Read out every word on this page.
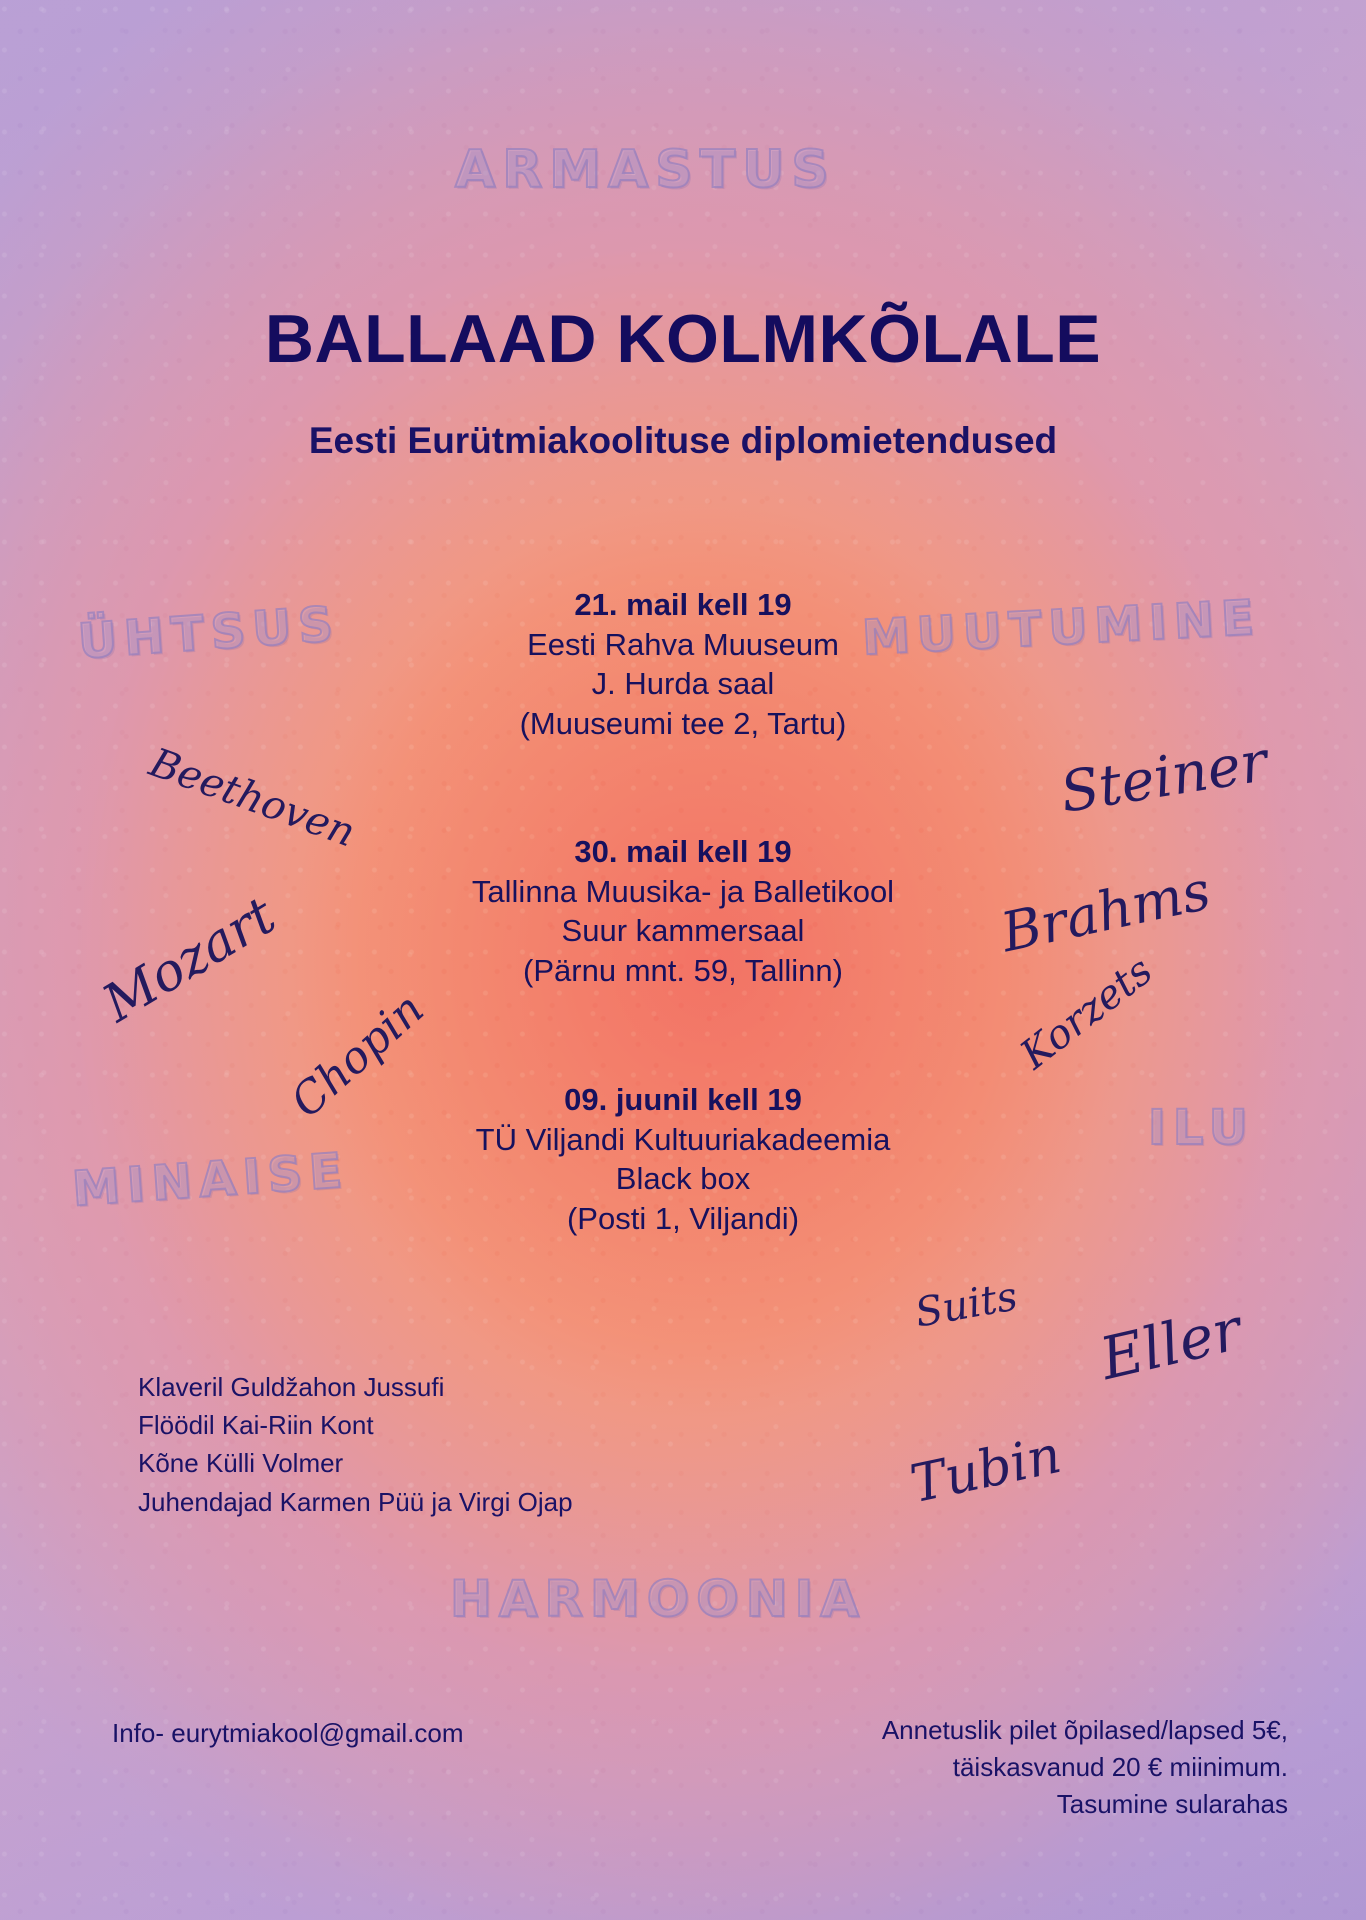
ARMASTUS
ÜHTSUS	MUUTUMINE
MINAISE
ILU
HARMOONIA
Beethoven
Mozart
Chopin
Steiner
Brahms
Korzets
Suits Eller
Tubin
BALLAAD KOLMKÕLALE
Eesti Eurütmiakoolituse diplomietendused
21. mail kell 19
Eesti Rahva Muuseum
J. Hurda saal
(Muuseumi tee 2, Tartu)
30. mail kell 19
Tallinna Muusika- ja Balletikool
Suur kammersaal
(Pärnu mnt. 59, Tallinn)
09. juunil kell 19
TÜ Viljandi Kultuuriakadeemia
Black box
(Posti 1, Viljandi)
Klaveril Guldžahon Jussufi
Flöödil Kai-Riin Kont
Kõne Külli Volmer
Juhendajad Karmen Püü ja Virgi Ojap
Info- eurytmiakool@gmail.com	Annetuslik pilet õpilased/lapsed 5€,
täiskasvanud 20 € miinimum.
Tasumine sularahas
